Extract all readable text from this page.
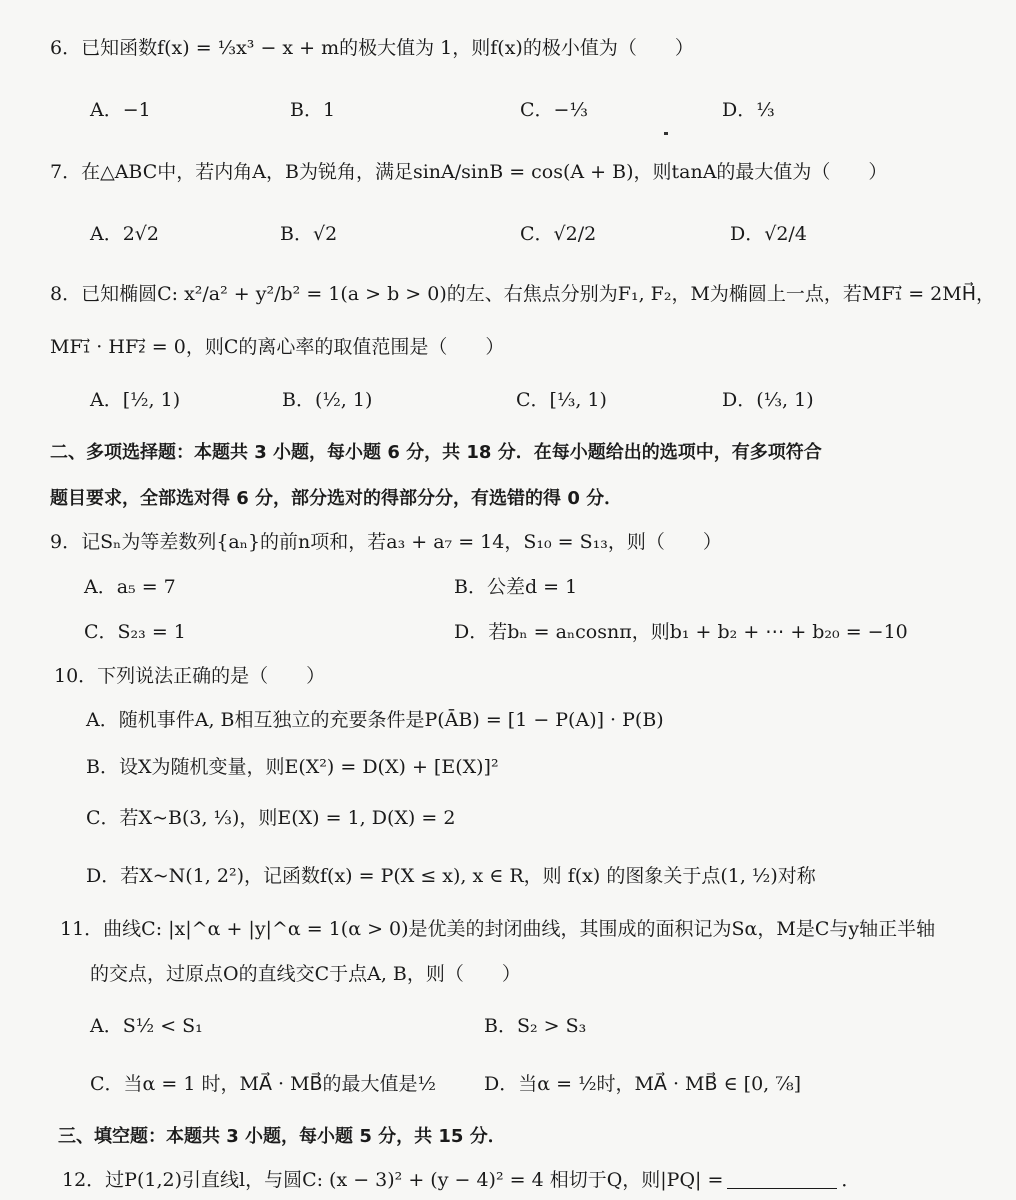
6．已知函数f(x) = ⅓x³ − x + m的极大值为 1，则f(x)的极小值为（　　）
A．−1	B．1	C．−⅓	D．⅓
7．在△ABC中，若内角A，B为锐角，满足sinA/sinB = cos(A + B)，则tanA的最大值为（　　）
A．2√2	B．√2	C．√2/2	D．√2/4
8．已知椭圆C: x²/a² + y²/b² = 1(a > b > 0)的左、右焦点分别为F₁, F₂，M为椭圆上一点，若MF₁⃗ = 2MH⃗，
MF₁⃗ · HF₂⃗ = 0，则C的离心率的取值范围是（　　）
A．[½, 1)	B．(½, 1)	C．[⅓, 1)	D．(⅓, 1)
二、多项选择题：本题共 3 小题，每小题 6 分，共 18 分．在每小题给出的选项中，有多项符合
题目要求，全部选对得 6 分，部分选对的得部分分，有选错的得 0 分．
9．记Sₙ为等差数列{aₙ}的前n项和，若a₃ + a₇ = 14，S₁₀ = S₁₃，则（　　）
A．a₅ = 7	B．公差d = 1
C．S₂₃ = 1	D．若bₙ = aₙcosnπ，则b₁ + b₂ + ⋯ + b₂₀ = −10
10．下列说法正确的是（　　）
A．随机事件A, B相互独立的充要条件是P(ĀB) = [1 − P(A)] · P(B)
B．设X为随机变量，则E(X²) = D(X) + [E(X)]²
C．若X~B(3, ⅓)，则E(X) = 1, D(X) = 2
D．若X~N(1, 2²)，记函数f(x) = P(X ≤ x), x ∈ R，则 f(x) 的图象关于点(1, ½)对称
11．曲线C: |x|^α + |y|^α = 1(α > 0)是优美的封闭曲线，其围成的面积记为Sα，M是C与y轴正半轴
的交点，过原点O的直线交C于点A, B，则（　　）
A．S½ < S₁	B．S₂ > S₃
C．当α = 1 时，MA⃗ · MB⃗的最大值是½	D．当α = ½时，MA⃗ · MB⃗ ∈ [0, ⅞]
三、填空题：本题共 3 小题，每小题 5 分，共 15 分．
12．过P(1,2)引直线l，与圆C: (x − 3)² + (y − 4)² = 4 相切于Q，则|PQ| =	．
